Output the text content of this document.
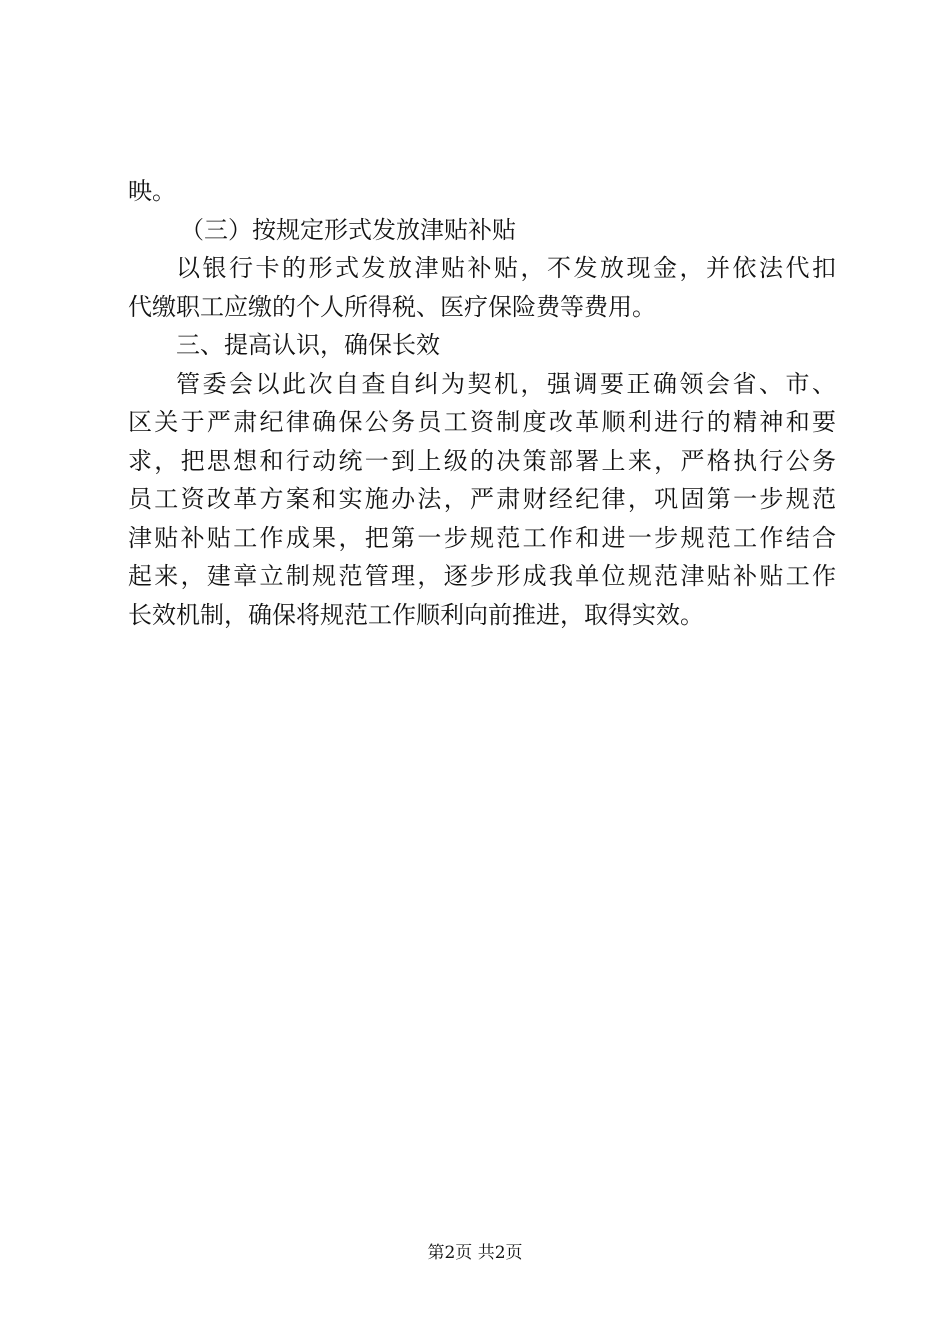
映。
（三）按规定形式发放津贴补贴
以银行卡的形式发放津贴补贴，不发放现金，并依法代扣
代缴职工应缴的个人所得税、医疗保险费等费用。
三、提高认识，确保长效
管委会以此次自查自纠为契机，强调要正确领会省、市、
区关于严肃纪律确保公务员工资制度改革顺利进行的精神和要
求，把思想和行动统一到上级的决策部署上来，严格执行公务
员工资改革方案和实施办法，严肃财经纪律，巩固第一步规范
津贴补贴工作成果，把第一步规范工作和进一步规范工作结合
起来，建章立制规范管理，逐步形成我单位规范津贴补贴工作
长效机制，确保将规范工作顺利向前推进，取得实效。
第2页 共2页
